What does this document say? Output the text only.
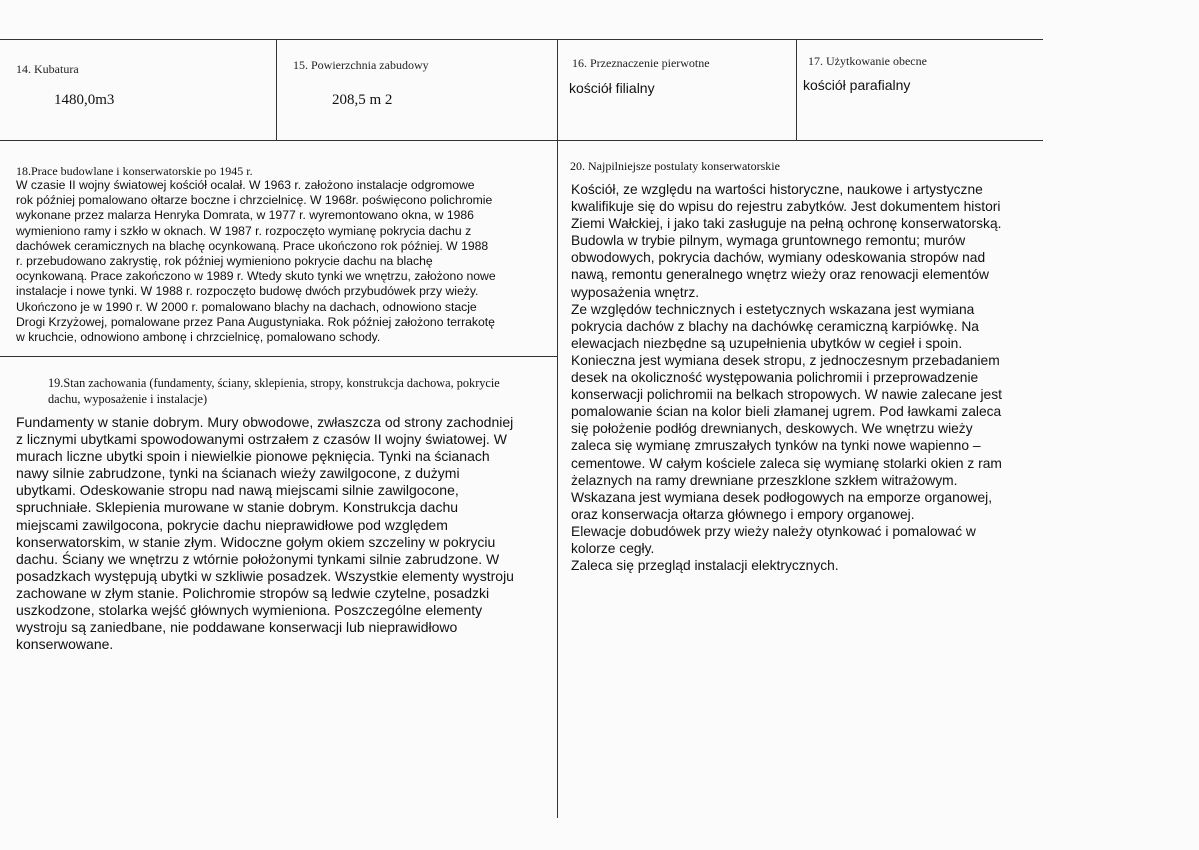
14. Kubatura
1480,0m3
15. Powierzchnia zabudowy
208,5 m 2
16. Przeznaczenie pierwotne
kościół filialny
17. Użytkowanie obecne
kościół parafialny
18.Prace budowlane i konserwatorskie po 1945 r.
W czasie II wojny światowej kościół ocalał. W 1963 r. założono instalacje odgromowe
rok później pomalowano ołtarze boczne i chrzcielnicę. W 1968r. poświęcono polichromie
wykonane przez malarza Henryka Domrata, w 1977 r. wyremontowano okna, w 1986
wymieniono ramy i szkło w oknach. W 1987 r. rozpoczęto wymianę pokrycia dachu z
dachówek ceramicznych na blachę ocynkowaną. Prace ukończono rok później. W 1988
r. przebudowano zakrystię, rok później wymieniono pokrycie dachu na blachę
ocynkowaną. Prace zakończono w 1989 r. Wtedy skuto tynki we wnętrzu, założono nowe
instalacje i nowe tynki. W 1988 r. rozpoczęto budowę dwóch przybudówek przy wieży.
Ukończono je w 1990 r. W 2000 r. pomalowano blachy na dachach, odnowiono stacje
Drogi Krzyżowej, pomalowane przez Pana Augustyniaka. Rok później założono terrakotę
w kruchcie, odnowiono ambonę i chrzcielnicę, pomalowano schody.
19.Stan zachowania (fundamenty, ściany, sklepienia, stropy, konstrukcja dachowa, pokrycie
dachu, wyposażenie i instalacje)
Fundamenty w stanie dobrym. Mury obwodowe, zwłaszcza od strony zachodniej
z licznymi ubytkami spowodowanymi ostrzałem z czasów II wojny światowej. W
murach liczne ubytki spoin i niewielkie pionowe pęknięcia. Tynki na ścianach
nawy silnie zabrudzone, tynki na ścianach wieży zawilgocone, z dużymi
ubytkami. Odeskowanie stropu nad nawą miejscami silnie zawilgocone,
spruchniałe. Sklepienia murowane w stanie dobrym. Konstrukcja dachu
miejscami zawilgocona, pokrycie dachu nieprawidłowe pod względem
konserwatorskim, w stanie złym. Widoczne gołym okiem szczeliny w pokryciu
dachu. Ściany we wnętrzu z wtórnie położonymi tynkami silnie zabrudzone. W
posadzkach występują ubytki w szkliwie posadzek. Wszystkie elementy wystroju
zachowane w złym stanie. Polichromie stropów są ledwie czytelne, posadzki
uszkodzone, stolarka wejść głównych wymieniona. Poszczególne elementy
wystroju są zaniedbane, nie poddawane konserwacji lub nieprawidłowo
konserwowane.
20. Najpilniejsze postulaty konserwatorskie
Kościół, ze względu na wartości historyczne, naukowe i artystyczne
kwalifikuje się do wpisu do rejestru zabytków. Jest dokumentem histori
Ziemi Wałckiej, i jako taki zasługuje na pełną ochronę konserwatorską.
Budowla w trybie pilnym, wymaga gruntownego remontu; murów
obwodowych, pokrycia dachów, wymiany odeskowania stropów nad
nawą, remontu generalnego wnętrz wieży oraz renowacji elementów
wyposażenia wnętrz.
Ze względów technicznych i estetycznych wskazana jest wymiana
pokrycia dachów z blachy na dachówkę ceramiczną karpiówkę. Na
elewacjach niezbędne są uzupełnienia ubytków w cegieł i spoin.
Konieczna jest wymiana desek stropu, z jednoczesnym przebadaniem
desek na okoliczność występowania polichromii i przeprowadzenie
konserwacji polichromii na belkach stropowych. W nawie zalecane jest
pomalowanie ścian na kolor bieli złamanej ugrem. Pod ławkami zaleca
się położenie podłóg drewnianych, deskowych. We wnętrzu wieży
zaleca się wymianę zmruszałych tynków na tynki nowe wapienno –
cementowe. W całym kościele zaleca się wymianę stolarki okien z ram
żelaznych na ramy drewniane przeszklone szkłem witrażowym.
Wskazana jest wymiana desek podłogowych na emporze organowej,
oraz konserwacja ołtarza głównego i empory organowej.
Elewacje dobudówek przy wieży należy otynkować i pomalować w
kolorze cegły.
Zaleca się przegląd instalacji elektrycznych.
